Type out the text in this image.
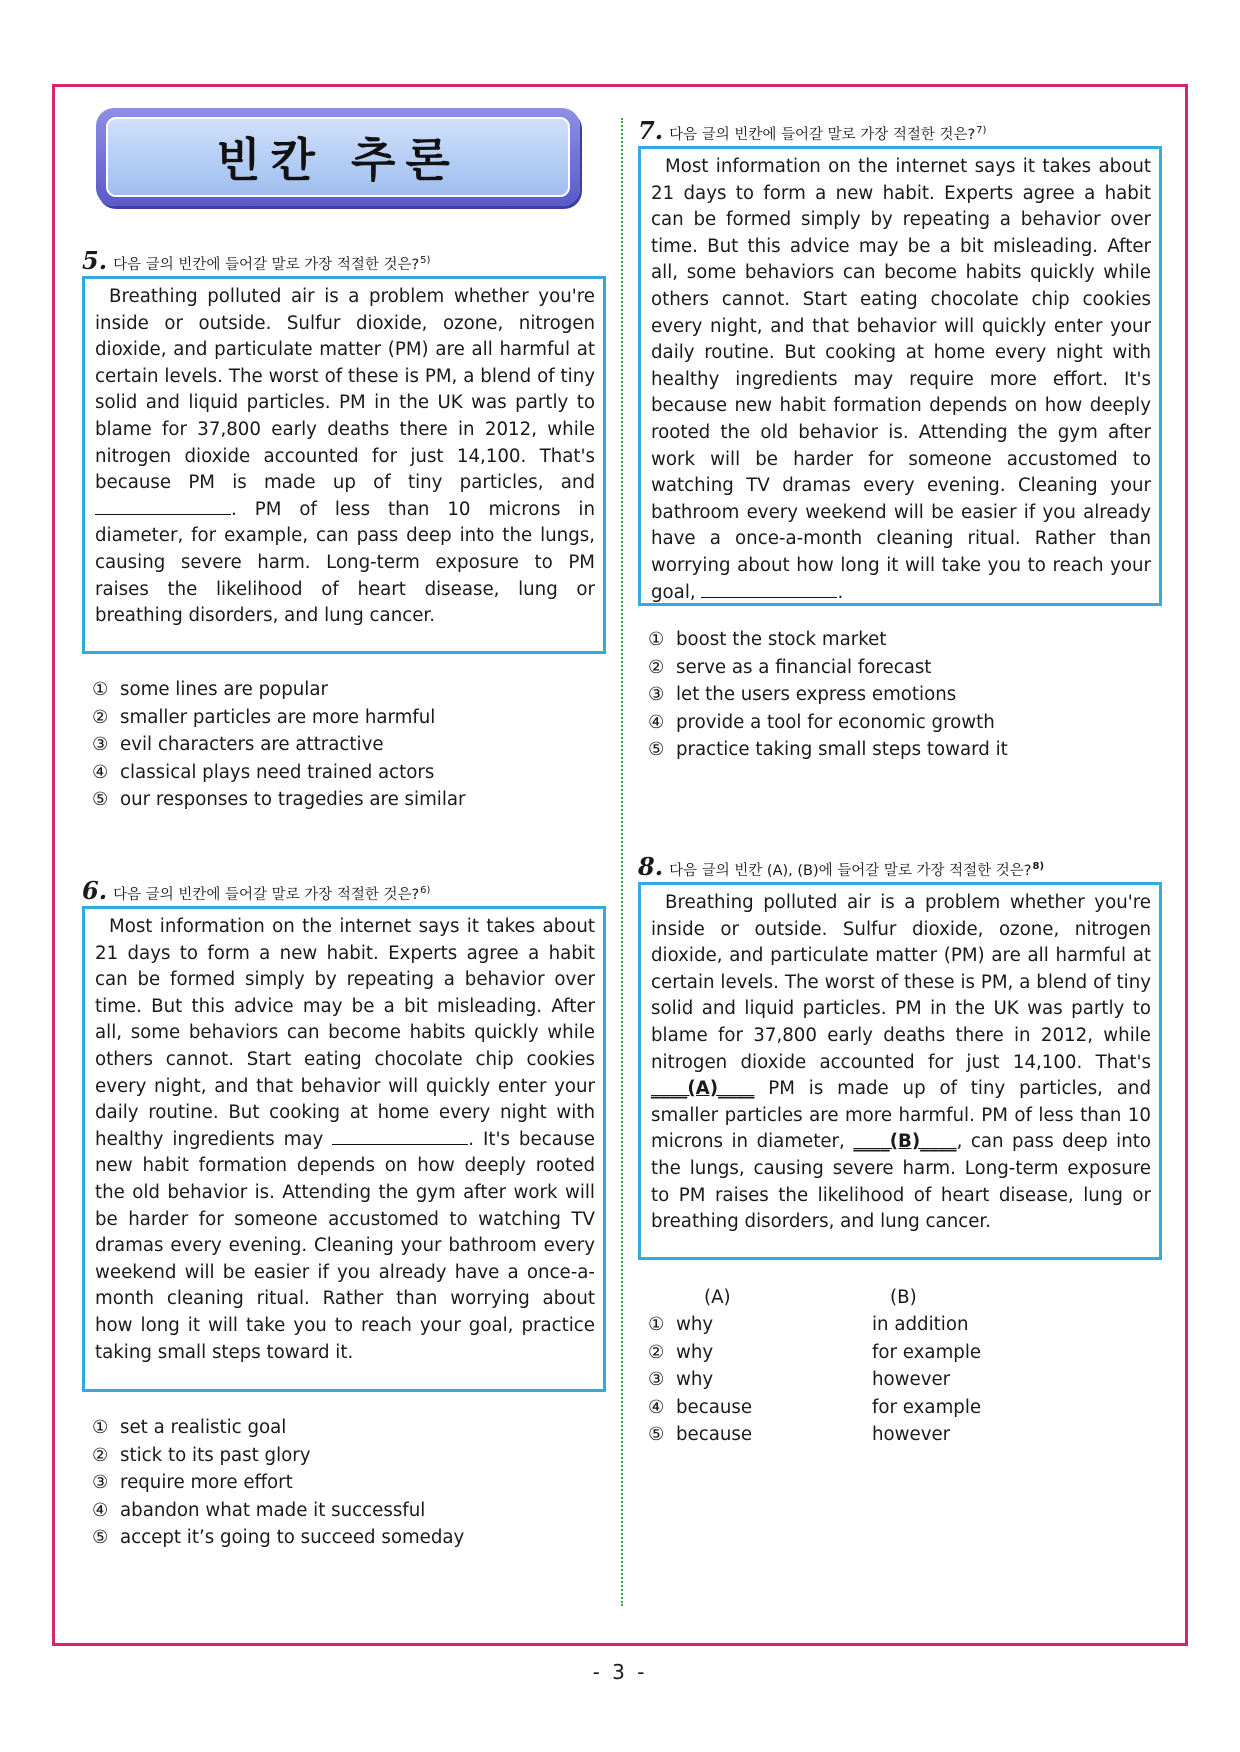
빈칸 추론
5. 다음 글의 빈칸에 들어갈 말로 가장 적절한 것은? 5)

Breathing polluted air is a problem whether you're inside or outside. Sulfur dioxide, ozone, nitrogen dioxide, and particulate matter (PM) are all harmful at certain levels. The worst of these is PM, a blend of tiny solid and liquid particles. PM in the UK was partly to blame for 37,800 early deaths there in 2012, while nitrogen dioxide accounted for just 14,100. That's because PM is made up of tiny particles, and . PM of less than 10 microns in diameter, for example, can pass deep into the lungs, causing severe harm. Long-term exposure to PM raises the likelihood of heart disease, lung or breathing disorders, and lung cancer.

① some lines are popular
② smaller particles are more harmful
③ evil characters are attractive
④ classical plays need trained actors
⑤ our responses to tragedies are similar
6. 다음 글의 빈칸에 들어갈 말로 가장 적절한 것은? 6)

Most information on the internet says it takes about 21 days to form a new habit. Experts agree a habit can be formed simply by repeating a behavior over time. But this advice may be a bit misleading. After all, some behaviors can become habits quickly while others cannot. Start eating chocolate chip cookies every night, and that behavior will quickly enter your daily routine. But cooking at home every night with healthy ingredients may	. It's because new habit formation depends on how deeply rooted the old behavior is. Attending the gym after work will be harder for someone accustomed to watching TV dramas every evening. Cleaning your bathroom every weekend will be easier if you already have a once-a-month cleaning ritual. Rather than worrying about how long it will take you to reach your goal, practice taking small steps toward it.

① set a realistic goal
② stick to its past glory
③ require more effort
④ abandon what made it successful
⑤ accept it’s going to succeed someday
7. 다음 글의 빈칸에 들어갈 말로 가장 적절한 것은? 7)

Most information on the internet says it takes about 21 days to form a new habit. Experts agree a habit can be formed simply by repeating a behavior over time. But this advice may be a bit misleading. After all, some behaviors can become habits quickly while others cannot. Start eating chocolate chip cookies every night, and that behavior will quickly enter your daily routine. But cooking at home every night with healthy ingredients may require more effort. It's because new habit formation depends on how deeply rooted the old behavior is. Attending the gym after work will be harder for someone accustomed to watching TV dramas every evening. Cleaning your bathroom every weekend will be easier if you already have a once-a-month cleaning ritual. Rather than worrying about how long it will take you to reach your goal,	.

① boost the stock market
② serve as a financial forecast
③ let the users express emotions
④ provide a tool for economic growth
⑤ practice taking small steps toward it
8. 다음 글의 빈칸 (A), (B)에 들어갈 말로 가장 적절한 것은? 8)

Breathing polluted air is a problem whether you're inside or outside. Sulfur dioxide, ozone, nitrogen dioxide, and particulate matter (PM) are all harmful at certain levels. The worst of these is PM, a blend of tiny solid and liquid particles. PM in the UK was partly to blame for 37,800 early deaths there in 2012, while nitrogen dioxide accounted for just 14,100. That's ____(A)____ PM is made up of tiny particles, and smaller particles are more harmful. PM of less than 10 microns in diameter, ____(B)____, can pass deep into the lungs, causing severe harm. Long-term exposure to PM raises the likelihood of heart disease, lung or breathing disorders, and lung cancer.

(A)	(B)
① why	in addition
② why	for example
③ why	however
④ because	for example
⑤ because	however
- 3 -
